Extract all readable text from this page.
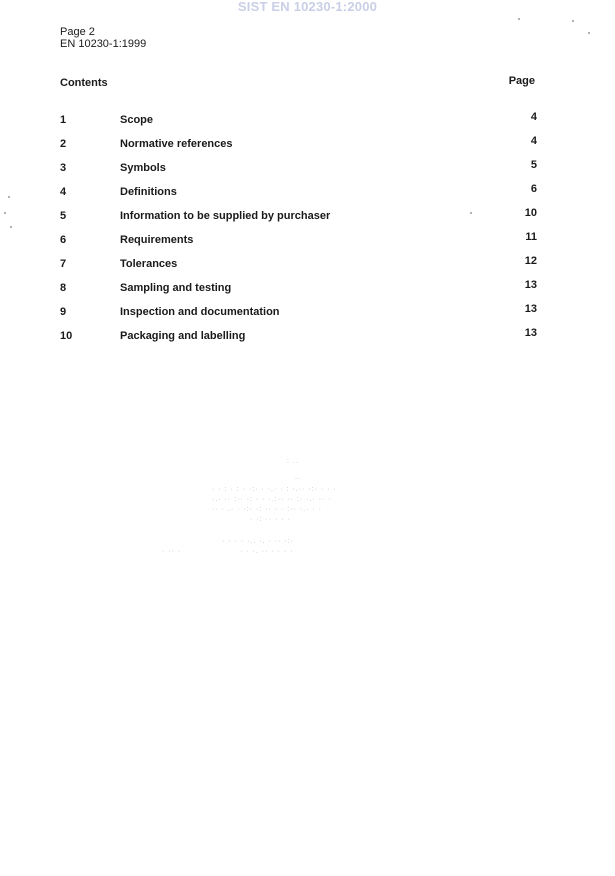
SIST EN 10230-1:2000
Page 2
EN 10230-1:1999
Contents	Page
1	Scope	4
2	Normative references	4
3	Symbols	5
4	Definitions	6
5	Information to be supplied by purchaser	10
6	Requirements	11
7	Tolerances	12
8	Sampling and testing	13
9	Inspection and documentation	13
10	Packaging and labelling	13
: ..
..
· · : · : · ·:· · ·.· · : ·.·· ·:· · · ·
·.· ·· :·· ·: · · ·.:·· ·· :· ·.· ·· ·
·· · .· · ·:· ·: ·· · · :·· ·.· · ·
· ·: ·· · · ·
· · · · ·.. ·. · ·· ·:·
· · ·. ·· · · · ·
· ·· ·
